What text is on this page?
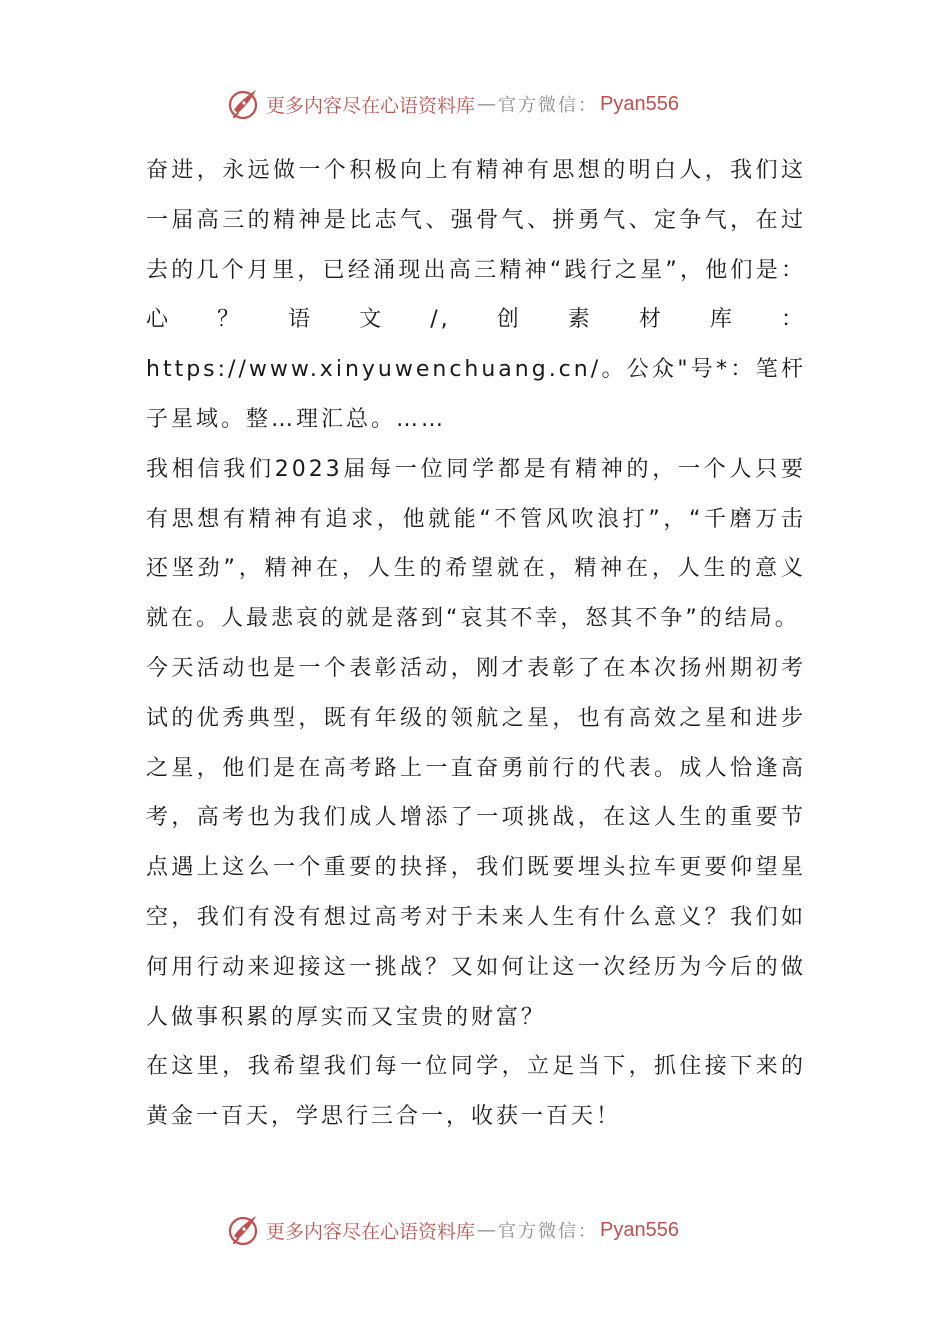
更多内容尽在心语资料库 — 官方微信： Pyan556

奋进，永远做一个积极向上有精神有思想的明白人，我们这一届高三的精神是比志气、强骨气、拼勇气、定争气，在过去的几个月里，已经涌现出高三精神“践行之星”，他们是：心？语文/,创素材库：https://www.xinyuwenchuang.cn/。公众"号*：笔杆子星域。整…理汇总。……

我相信我们2023届每一位同学都是有精神的，一个人只要有思想有精神有追求，他就能“不管风吹浪打”，“千磨万击还坚劲”，精神在，人生的希望就在，精神在，人生的意义就在。人最悲哀的就是落到“哀其不幸，怒其不争”的结局。

今天活动也是一个表彰活动，刚才表彰了在本次扬州期初考试的优秀典型，既有年级的领航之星，也有高效之星和进步之星，他们是在高考路上一直奋勇前行的代表。成人恰逢高考，高考也为我们成人增添了一项挑战，在这人生的重要节点遇上这么一个重要的抉择，我们既要埋头拉车更要仰望星空，我们有没有想过高考对于未来人生有什么意义？我们如何用行动来迎接这一挑战？又如何让这一次经历为今后的做人做事积累的厚实而又宝贵的财富？

在这里，我希望我们每一位同学，立足当下，抓住接下来的黄金一百天，学思行三合一，收获一百天！

更多内容尽在心语资料库 — 官方微信： Pyan556
